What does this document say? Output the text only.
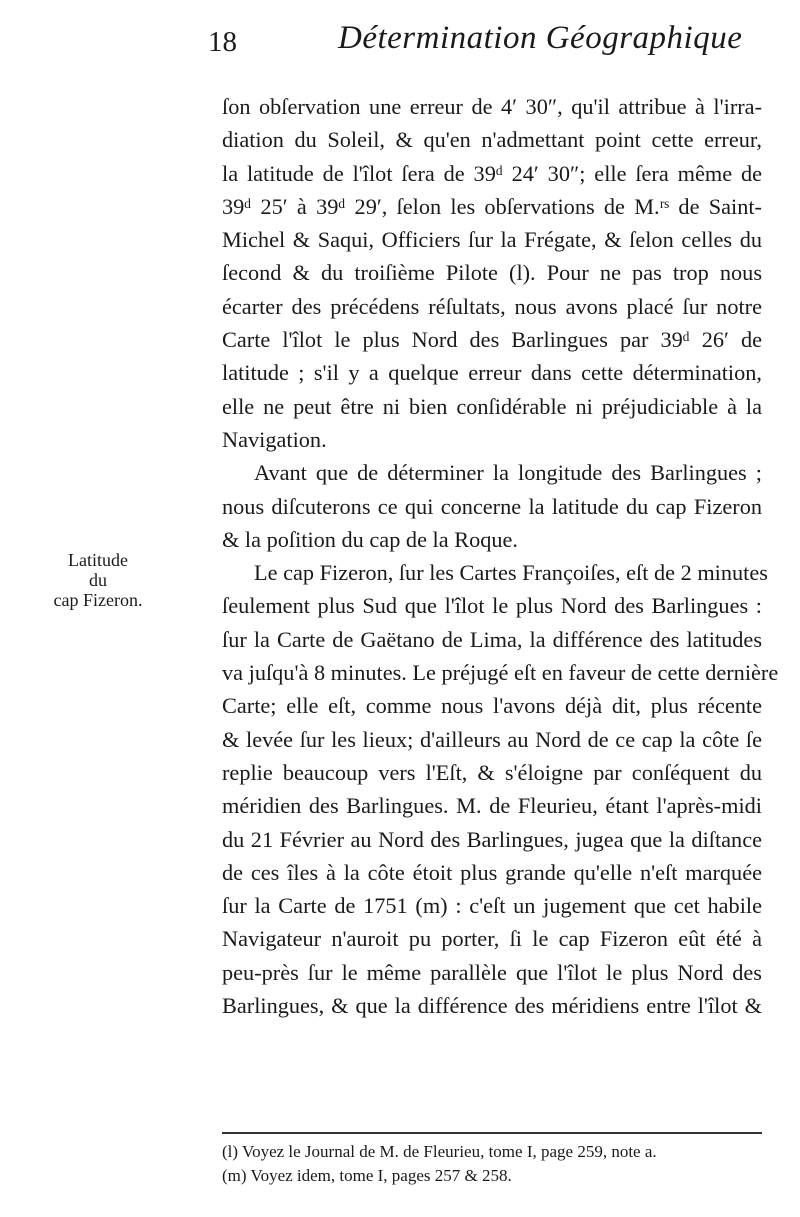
18	Détermination Géographique
Latitude
du
cap Fizeron.
ſon obſervation une erreur de 4′ 30″, qu'il attribue à l'irra-
diation du Soleil, & qu'en n'admettant point cette erreur,
la latitude de l'îlot ſera de 39ᵈ 24′ 30″; elle ſera même de
39ᵈ 25′ à 39ᵈ 29′, ſelon les obſervations de M.ʳˢ de Saint-
Michel & Saqui, Officiers ſur la Frégate, & ſelon celles du
ſecond & du troiſième Pilote (l). Pour ne pas trop nous
écarter des précédens réſultats, nous avons placé ſur notre
Carte l'îlot le plus Nord des Barlingues par 39ᵈ 26′ de
latitude ; s'il y a quelque erreur dans cette détermination,
elle ne peut être ni bien conſidérable ni préjudiciable à la
Navigation.
Avant que de déterminer la longitude des Barlingues ;
nous diſcuterons ce qui concerne la latitude du cap Fizeron
& la poſition du cap de la Roque.
Le cap Fizeron, ſur les Cartes Françoiſes, eſt de 2 minutes
ſeulement plus Sud que l'îlot le plus Nord des Barlingues :
ſur la Carte de Gaëtano de Lima, la différence des latitudes
va juſqu'à 8 minutes. Le préjugé eſt en faveur de cette dernière
Carte; elle eſt, comme nous l'avons déjà dit, plus récente
& levée ſur les lieux; d'ailleurs au Nord de ce cap la côte ſe
replie beaucoup vers l'Eſt, & s'éloigne par conſéquent du
méridien des Barlingues. M. de Fleurieu, étant l'après-midi
du 21 Février au Nord des Barlingues, jugea que la diſtance
de ces îles à la côte étoit plus grande qu'elle n'eſt marquée
ſur la Carte de 1751 (m) : c'eſt un jugement que cet habile
Navigateur n'auroit pu porter, ſi le cap Fizeron eût été à
peu-près ſur le même parallèle que l'îlot le plus Nord des
Barlingues, & que la différence des méridiens entre l'îlot &
(l) Voyez le Journal de M. de Fleurieu, tome I, page 259, note a.
(m) Voyez idem, tome I, pages 257 & 258.
